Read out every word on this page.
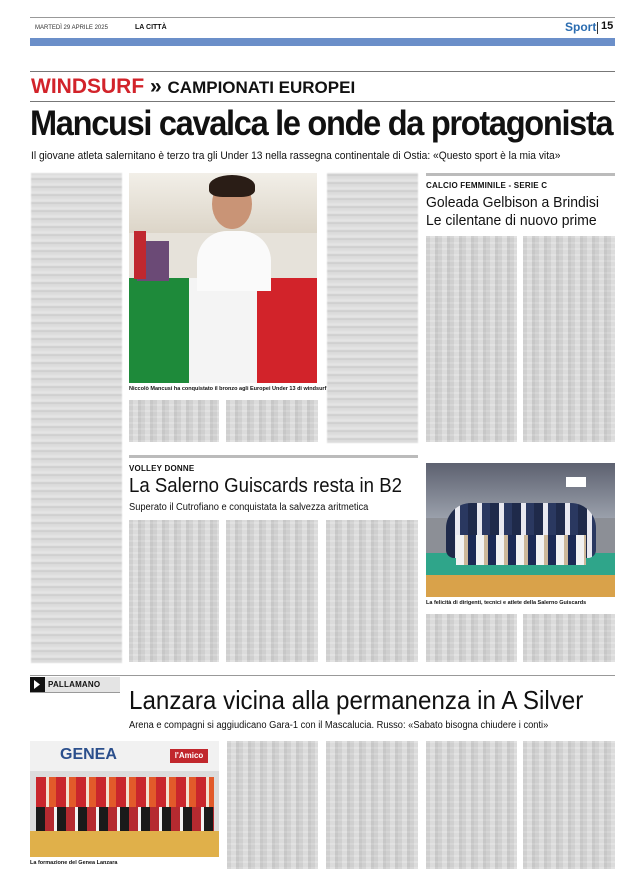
MARTEDÌ 29 APRILE 2025	LA CITTÀ	Sport 15
WINDSURF » CAMPIONATI EUROPEI
Mancusi cavalca le onde da protagonista
Il giovane atleta salernitano è terzo tra gli Under 13 nella rassegna continentale di Ostia: «Questo sport è la mia vita»
Niccolò Mancusi ha conquistato il bronzo agli Europei Under 13 di windsurf
CALCIO FEMMINILE - SERIE C
Goleada Gelbison a Brindisi
Le cilentane di nuovo prime
VOLLEY DONNE
La Salerno Guiscards resta in B2
Superato il Cutrofiano e conquistata la salvezza aritmetica
La felicità di dirigenti, tecnici e atlete della Salerno Guiscards
PALLAMANO
Lanzara vicina alla permanenza in A Silver
Arena e compagni si aggiudicano Gara-1 con il Mascalucia. Russo: «Sabato bisogna chiudere i conti»
GENEA	l'Amico
La formazione del Genea Lanzara
